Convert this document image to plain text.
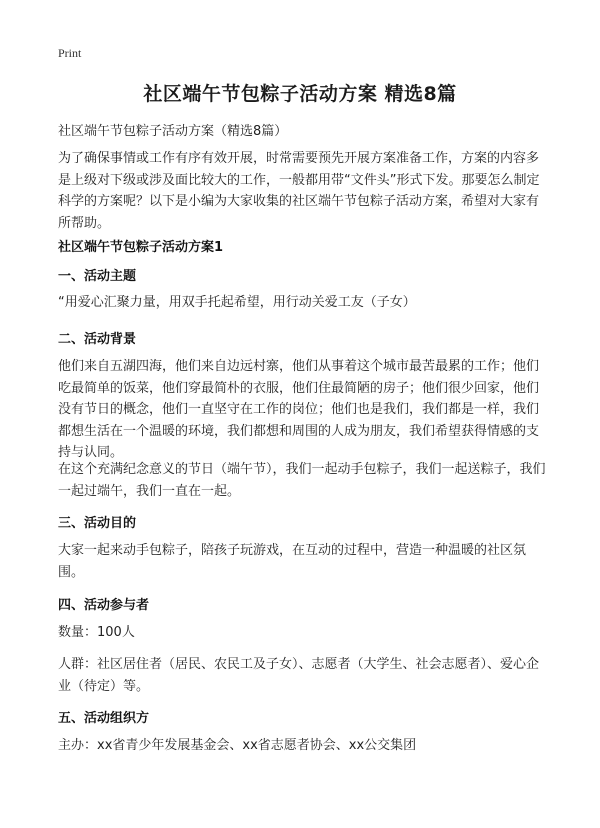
Print
社区端午节包粽子活动方案 精选8篇

社区端午节包粽子活动方案（精选8篇）

为了确保事情或工作有序有效开展，时常需要预先开展方案准备工作，方案的内容多是上级对下级或涉及面比较大的工作，一般都用带“文件头”形式下发。那要怎么制定科学的方案呢？以下是小编为大家收集的社区端午节包粽子活动方案，希望对大家有所帮助。

社区端午节包粽子活动方案1

一、活动主题

“用爱心汇聚力量，用双手托起希望，用行动关爱工友（子女）

二、活动背景

他们来自五湖四海，他们来自边远村寨，他们从事着这个城市最苦最累的工作；他们吃最简单的饭菜，他们穿最简朴的衣服，他们住最简陋的房子；他们很少回家，他们没有节日的概念，他们一直坚守在工作的岗位；他们也是我们，我们都是一样，我们都想生活在一个温暖的环境，我们都想和周围的人成为朋友，我们希望获得情感的支持与认同。

在这个充满纪念意义的节日（端午节），我们一起动手包粽子，我们一起送粽子，我们一起过端午，我们一直在一起。

三、活动目的

大家一起来动手包粽子，陪孩子玩游戏，在互动的过程中，营造一种温暖的社区氛围。

四、活动参与者

数量：100人

人群：社区居住者（居民、农民工及子女）、志愿者（大学生、社会志愿者）、爱心企业（待定）等。

五、活动组织方

主办：xx省青少年发展基金会、xx省志愿者协会、xx公交集团
